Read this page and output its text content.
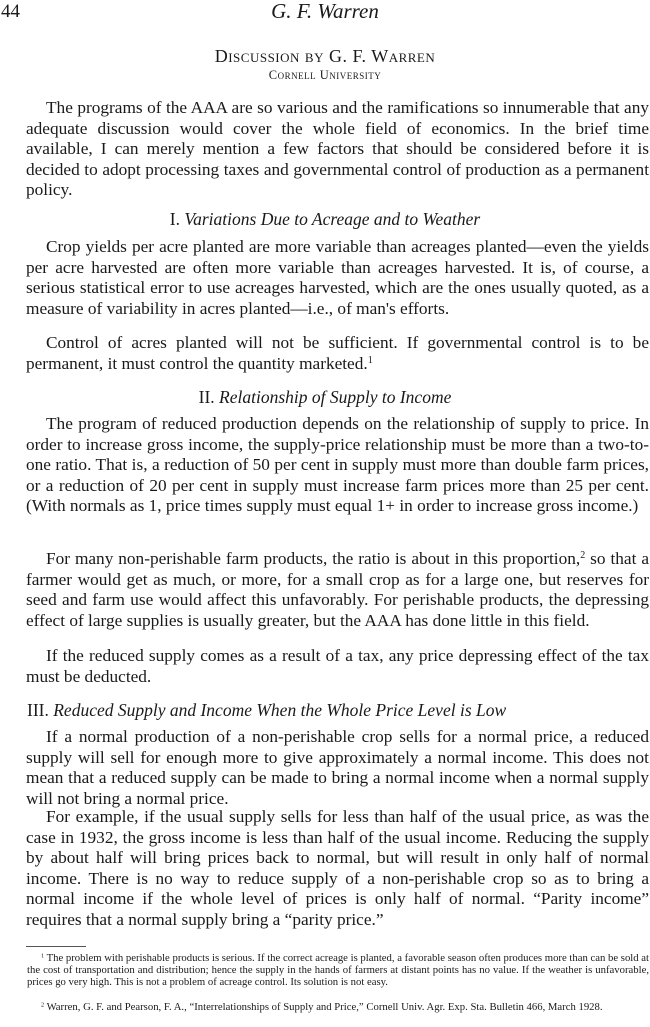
44	G. F. Warren
Discussion by G. F. Warren
Cornell University

The programs of the AAA are so various and the ramifications so innumerable that any adequate discussion would cover the whole field of economics. In the brief time available, I can merely mention a few factors that should be considered before it is decided to adopt processing taxes and governmental control of production as a permanent policy.

I. Variations Due to Acreage and to Weather

Crop yields per acre planted are more variable than acreages planted—even the yields per acre harvested are often more variable than acreages harvested. It is, of course, a serious statistical error to use acreages harvested, which are the ones usually quoted, as a measure of variability in acres planted—i.e., of man's efforts.

Control of acres planted will not be sufficient. If governmental control is to be permanent, it must control the quantity marketed.$^1$

II. Relationship of Supply to Income

The program of reduced production depends on the relationship of supply to price. In order to increase gross income, the supply-price relationship must be more than a two-to-one ratio. That is, a reduction of 50 per cent in supply must more than double farm prices, or a reduction of 20 per cent in supply must increase farm prices more than 25 per cent. (With normals as 1, price times supply must equal 1+ in order to increase gross income.)

For many non-perishable farm products, the ratio is about in this proportion,$^2$ so that a farmer would get as much, or more, for a small crop as for a large one, but reserves for seed and farm use would affect this unfavorably. For perishable products, the depressing effect of large supplies is usually greater, but the AAA has done little in this field.

If the reduced supply comes as a result of a tax, any price depressing effect of the tax must be deducted.

III. Reduced Supply and Income When the Whole Price Level is Low

If a normal production of a non-perishable crop sells for a normal price, a reduced supply will sell for enough more to give approximately a normal income. This does not mean that a reduced supply can be made to bring a normal income when a normal supply will not bring a normal price.

For example, if the usual supply sells for less than half of the usual price, as was the case in 1932, the gross income is less than half of the usual income. Reducing the supply by about half will bring prices back to normal, but will result in only half of normal income. There is no way to reduce supply of a non-perishable crop so as to bring a normal income if the whole level of prices is only half of normal. “Parity income” requires that a normal supply bring a “parity price.”

$^1$ The problem with perishable products is serious. If the correct acreage is planted, a favorable season often produces more than can be sold at the cost of transportation and distribution; hence the supply in the hands of farmers at distant points has no value. If the weather is unfavorable, prices go very high. This is not a problem of acreage control. Its solution is not easy.

$^2$ Warren, G. F. and Pearson, F. A., “Interrelationships of Supply and Price,” Cornell Univ. Agr. Exp. Sta. Bulletin 466, March 1928.
